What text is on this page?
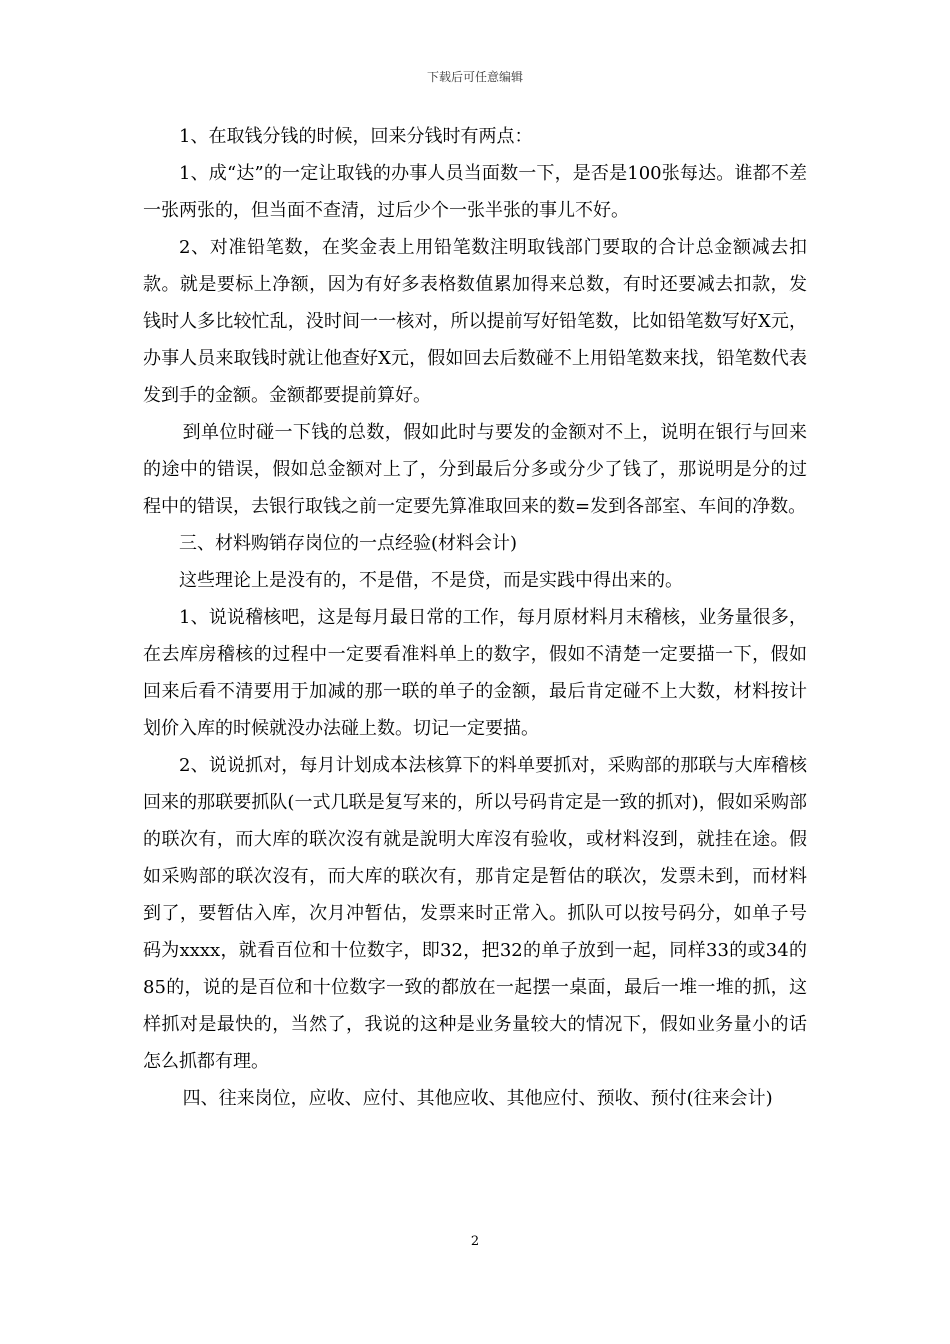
下载后可任意编辑

1、在取钱分钱的时候，回来分钱时有两点：

1、成“达”的一定让取钱的办事人员当面数一下，是否是100张每达。谁都不差一张两张的，但当面不查清，过后少个一张半张的事儿不好。

2、对准铅笔数，在奖金表上用铅笔数注明取钱部门要取的合计总金额减去扣款。就是要标上净额，因为有好多表格数值累加得来总数，有时还要减去扣款，发钱时人多比较忙乱，没时间一一核对，所以提前写好铅笔数，比如铅笔数写好X元，办事人员来取钱时就让他查好X元，假如回去后数碰不上用铅笔数来找，铅笔数代表发到手的金额。金额都要提前算好。

到单位时碰一下钱的总数，假如此时与要发的金额对不上，说明在银行与回来的途中的错误，假如总金额对上了，分到最后分多或分少了钱了，那说明是分的过程中的错误，去银行取钱之前一定要先算准取回来的数=发到各部室、车间的净数。

三、材料购销存岗位的一点经验(材料会计)

这些理论上是没有的，不是借，不是贷，而是实践中得出来的。

1、说说稽核吧，这是每月最日常的工作，每月原材料月末稽核，业务量很多，在去库房稽核的过程中一定要看准料单上的数字，假如不清楚一定要描一下，假如回来后看不清要用于加减的那一联的单子的金额，最后肯定碰不上大数，材料按计划价入库的时候就没办法碰上数。切记一定要描。

2、说说抓对，每月计划成本法核算下的料单要抓对，采购部的那联与大库稽核回来的那联要抓队(一式几联是复写来的，所以号码肯定是一致的抓对)，假如采购部的联次有，而大库的联次沒有就是說明大库沒有验收，或材料沒到，就挂在途。假如采购部的联次沒有，而大库的联次有，那肯定是暂估的联次，发票未到，而材料到了，要暂估入库，次月冲暂估，发票来时正常入。抓队可以按号码分，如单子号码为xxxx，就看百位和十位数字，即32，把32的单子放到一起，同样33的或34的85的，说的是百位和十位数字一致的都放在一起摆一桌面，最后一堆一堆的抓，这样抓对是最快的，当然了，我说的这种是业务量较大的情况下，假如业务量小的话怎么抓都有理。

四、往来岗位，应收、应付、其他应收、其他应付、预收、预付(往来会计)

2
